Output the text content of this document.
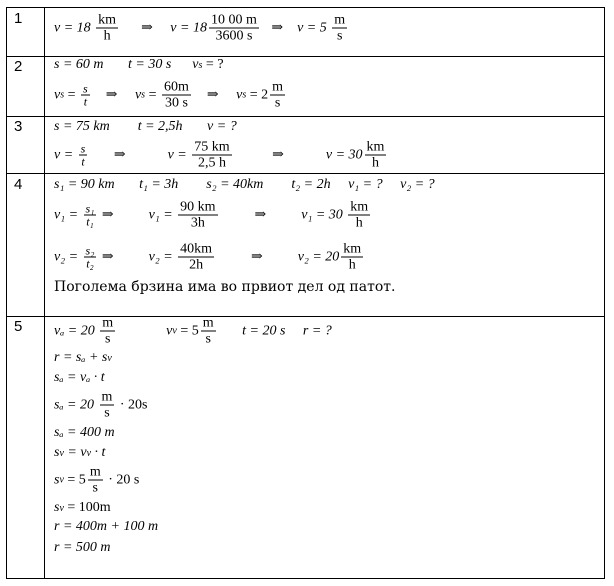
1
$v = 18 \frac{km}{h}$ ⇒ $v = 18 \frac{10 00 m}{3600 s}$ ⇒ $v = 5 \frac{m}{s}$
2 s = 60 m       t = 30 s      v s = ?
v $s = \frac{s}{t}$ ⇒ v $s = \frac{60m}{30 s}$ ⇒ v $s = 2 \frac{m}{s}$
3 s = 75 km        t = 2,5h       v = ?
$v = \frac{s}{t}$ ⇒ $v = \frac{75 km}{2,5 h}$ ⇒ $v = 30 \frac{km}{h}$
4 s₁ = 90 km       t₁ = 3h        s₂ = 40km        t₂ = 2h     v₁ = ?     v₂ = ?
$v_1 = \frac{\text{s₁}}{\text{t₁}}$ ⇒ $v_1 = \frac{90 km}{3h}$ ⇒ $v_1 = 30 \frac{km}{h}$
$v_2 = \frac{\text{s₂}}{\text{t₂}}$ ⇒ $v_2 = \frac{40km}{2h}$ ⇒ $v_2 = 20 \frac{km}{h}$
Поголема брзина има во првиот дел од патот.
5 $v_a = 20 \frac{m}{s}$ v $v = 5 \frac{m}{s}$ t = 20 s     r = ?
r = sₐ + s v
sₐ = vₐ · t
$s_a = 20 \frac{m}{s} \cdot 20s$
sₐ = 400 m
s v = v v · t
s $v = 5 \frac{m}{s} \cdot 20$ s
s v = 100m
r = 400m + 100 m
r = 500 m
